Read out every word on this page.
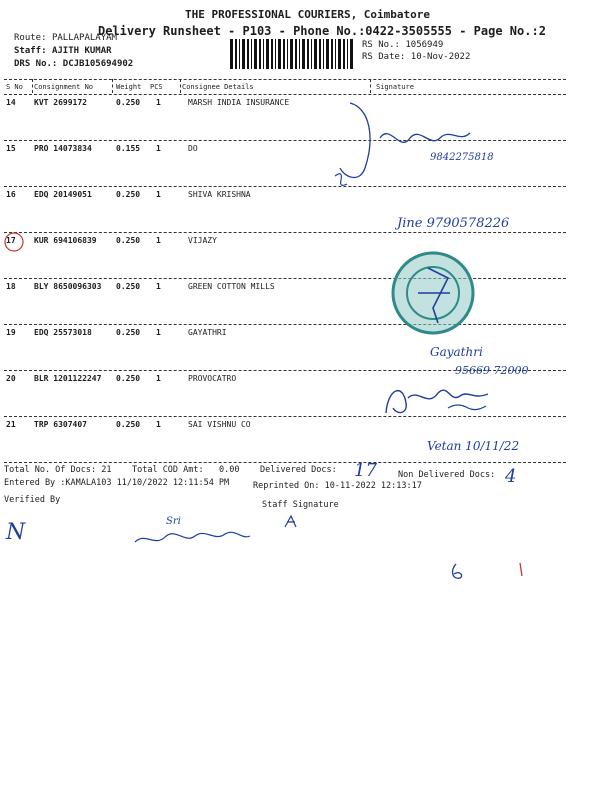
THE PROFESSIONAL COURIERS, Coimbatore
Delivery Runsheet - P103 - Phone No.:0422-3505555 - Page No.:2
Route: PALLAPALAYAM
Staff: AJITH KUMAR
DRS No.: DCJB105694902
RS No.: 1056949
RS Date: 10-Nov-2022
S No Consignment No	Weight PCS	Consignee Details	Signature
14 KVT 2699172	0.250 1	MARSH INDIA INSURANCE
15 PRO 14073834	0.155 1	DO
16 EDQ 20149051	0.250 1	SHIVA KRISHNA
17 KUR 694106839 0.250 1	VIJAZY
18 BLY 8650096303 0.250 1	GREEN COTTON MILLS
19 EDQ 25573018	0.250 1	GAYATHRI
20 BLR 1201122247 0.250 1	PROVOCATRO
21 TRP 6307407	0.250 1	SAI VISHNU CO
9842275818
Jine 9790578226
Gayathri
95669 72000
Vetan 10/11/22
Total No. Of Docs: 21 Total COD Amt: 0.00 Delivered Docs: 17 Non Delivered Docs: 4
Entered By :KAMALA103 11/10/2022 12:11:54 PM	Reprinted On: 10-11-2022 12:13:17
Verified By	Staff Signature
N	Sri
